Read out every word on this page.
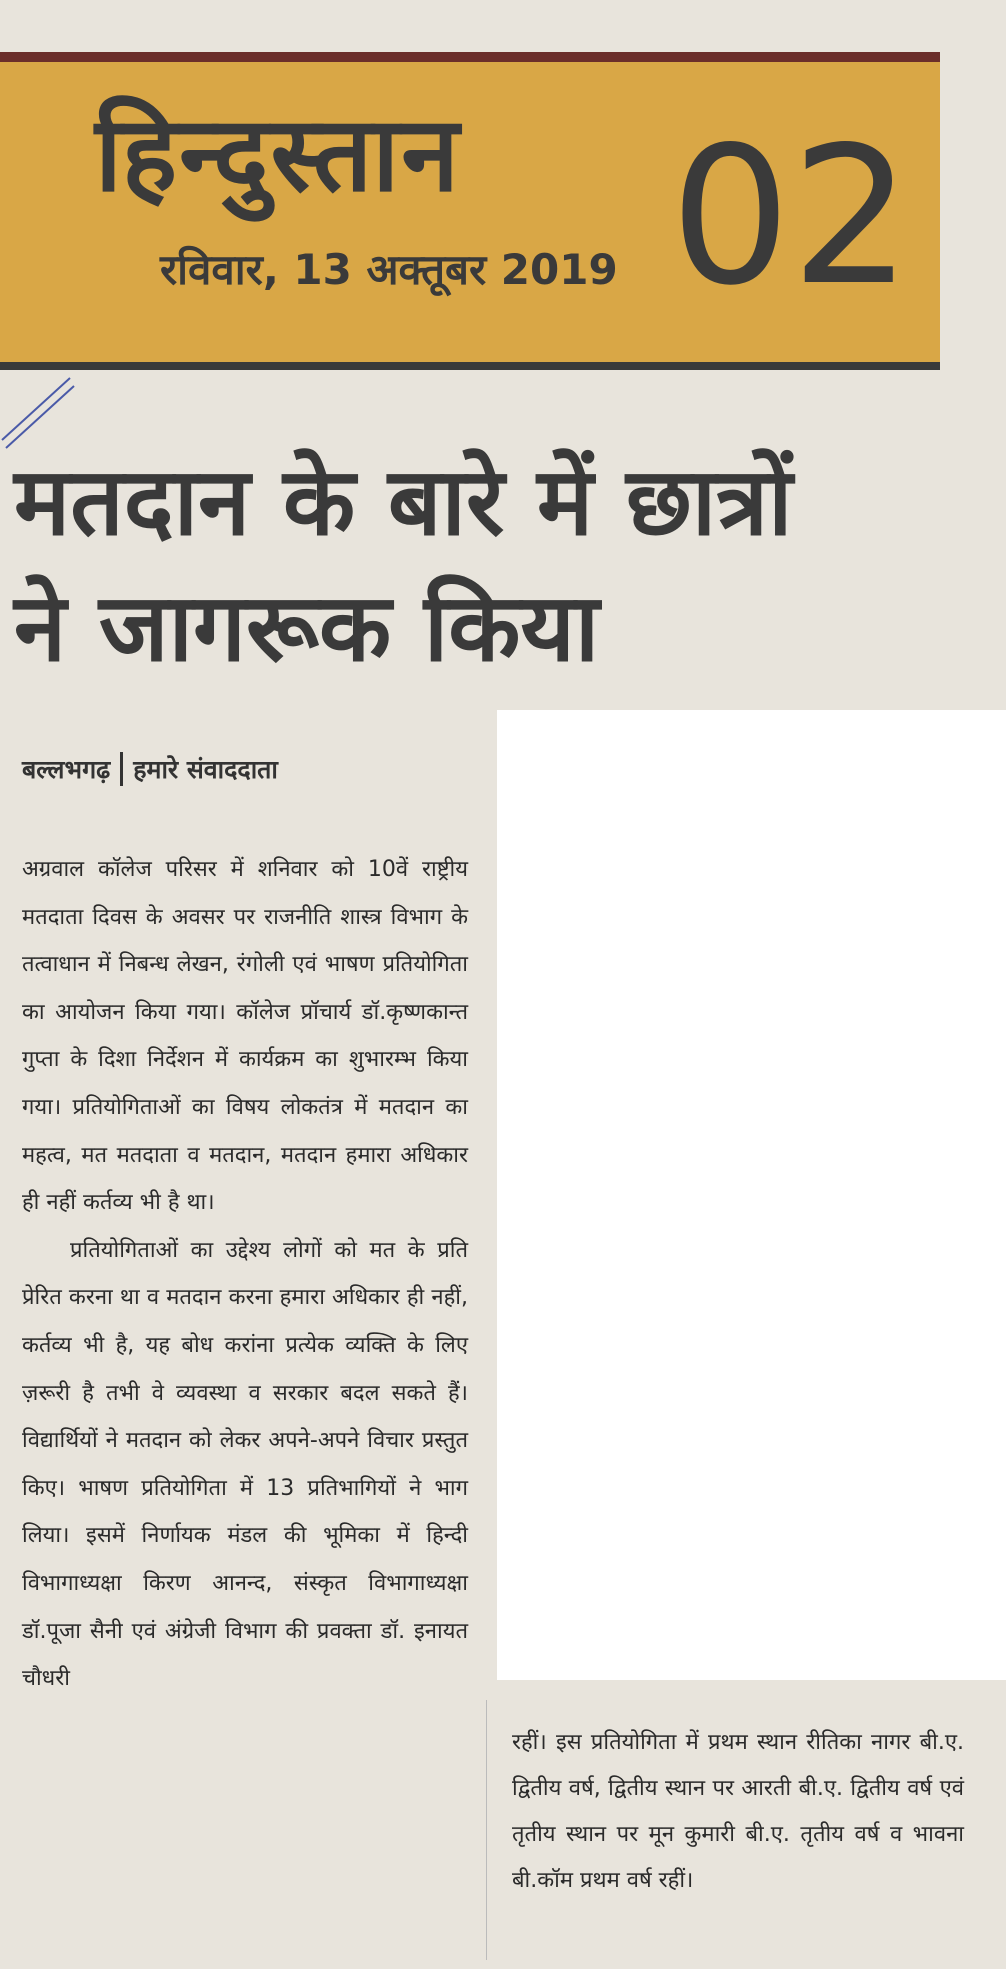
हिन्दुस्तान
रविवार, 13 अक्तूबर 2019 02
मतदान के बारे में छात्रों
ने जागरूक किया
बल्लभगढ़ हमारे संवाददाता

अग्रवाल कॉलेज परिसर में शनिवार को 10वें राष्ट्रीय मतदाता दिवस के अवसर पर राजनीति शास्त्र विभाग के तत्वाधान में निबन्ध लेखन, रंगोली एवं भाषण प्रतियोगिता का आयोजन किया गया। कॉलेज प्रॉचार्य डॉ.कृष्णकान्त गुप्ता के दिशा निर्देशन में कार्यक्रम का शुभारम्भ किया गया। प्रतियोगिताओं का विषय लोकतंत्र में मतदान का महत्व, मत मतदाता व मतदान, मतदान हमारा अधिकार ही नहीं कर्तव्य भी है था।

प्रतियोगिताओं का उद्देश्य लोगों को मत के प्रति प्रेरित करना था व मतदान करना हमारा अधिकार ही नहीं, कर्तव्य भी है, यह बोध करांना प्रत्येक व्यक्ति के लिए ज़रूरी है तभी वे व्यवस्था व सरकार बदल सकते हैं। विद्यार्थियों ने मतदान को लेकर अपने-अपने विचार प्रस्तुत किए। भाषण प्रतियोगिता में 13 प्रतिभागियों ने भाग लिया। इसमें निर्णायक मंडल की भूमिका में हिन्दी विभागाध्यक्षा किरण आनन्द, संस्कृत विभागाध्यक्षा डॉ.पूजा सैनी एवं अंग्रेजी विभाग की प्रवक्ता डॉ. इनायत चौधरी

रहीं। इस प्रतियोगिता में प्रथम स्थान रीतिका नागर बी.ए. द्वितीय वर्ष, द्वितीय स्थान पर आरती बी.ए. द्वितीय वर्ष एवं तृतीय स्थान पर मून कुमारी बी.ए. तृतीय वर्ष व भावना बी.कॉम प्रथम वर्ष रहीं।
